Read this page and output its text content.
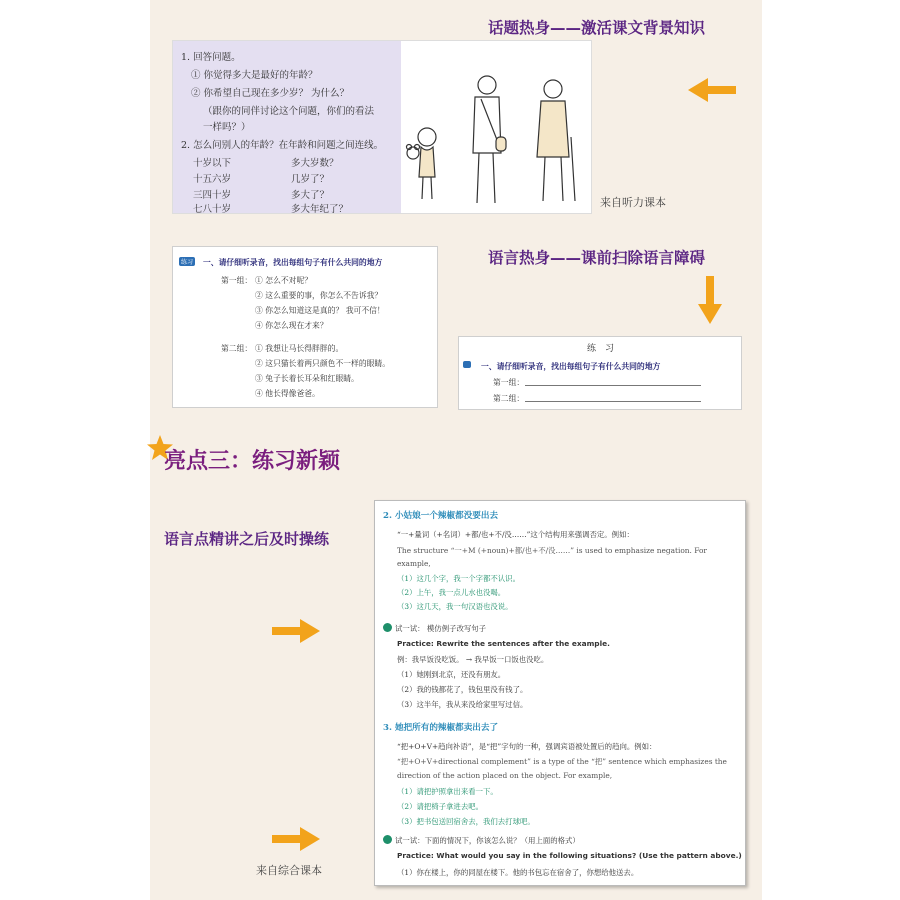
话题热身——激活课文背景知识
1. 回答问题。
① 你觉得多大是最好的年龄？
② 你希望自己现在多少岁？ 为什么？
（跟你的同伴讨论这个问题，你们的看法
一样吗？）
2. 怎么问别人的年龄？在年龄和问题之间连线。
十岁以下
十五六岁
三四十岁
七八十岁
多大岁数？
几岁了？
多大了？
多大年纪了？
来自听力课本
语言热身——课前扫除语言障碍
练习 一、请仔细听录音，找出每组句子有什么共同的地方
第一组： ① 怎么不对呢？
② 这么重要的事，你怎么不告诉我？
③ 你怎么知道这是真的？ 我可不信！
④ 你怎么现在才来？
第二组： ① 我想让马长得胖胖的。
② 这只猫长着两只颜色不一样的眼睛。
③ 兔子长着长耳朵和红眼睛。
④ 他长得像爸爸。
练　习

一、请仔细听录音，找出每组句子有什么共同的地方
第一组：
第二组：
亮点三：练习新颖
语言点精讲之后及时操练
来自综合课本
2. 小姑娘一个辣椒都没要出去
“一+量词（+名词）+都/也+不/没……”这个结构用来强调否定。例如：
The structure “一+M (+noun)+都/也+不/没……” is used to emphasize negation. For
example,
（1）这几个字，我一个字都不认识。
（2）上午，我一点儿水也没喝。
（3）这几天，我一句汉语也没说。
试一试： 模仿例子改写句子
Practice: Rewrite the sentences after the example.
例：我早饭没吃饭。 → 我早饭一口饭也没吃。
（1）她刚到北京，还没有朋友。
（2）我的钱都花了，钱包里没有钱了。
（3）这半年，我从来没给家里写过信。
3. 她把所有的辣椒都卖出去了
“把+O+V+趋向补语”，是“把”字句的一种，强调宾语被处置后的趋向。例如：
“把+O+V+directional complement” is a type of the “把” sentence which emphasizes the
direction of the action placed on the object. For example,
（1）请把护照拿出来看一下。
（2）请把椅子拿进去吧。
（3）把书包送回宿舍去，我们去打球吧。
试一试：下面的情况下，你该怎么说？（用上面的格式）
Practice: What would you say in the following situations? (Use the pattern above.)
（1）你在楼上，你的同屋在楼下。他的书包忘在宿舍了，你想给他送去。
